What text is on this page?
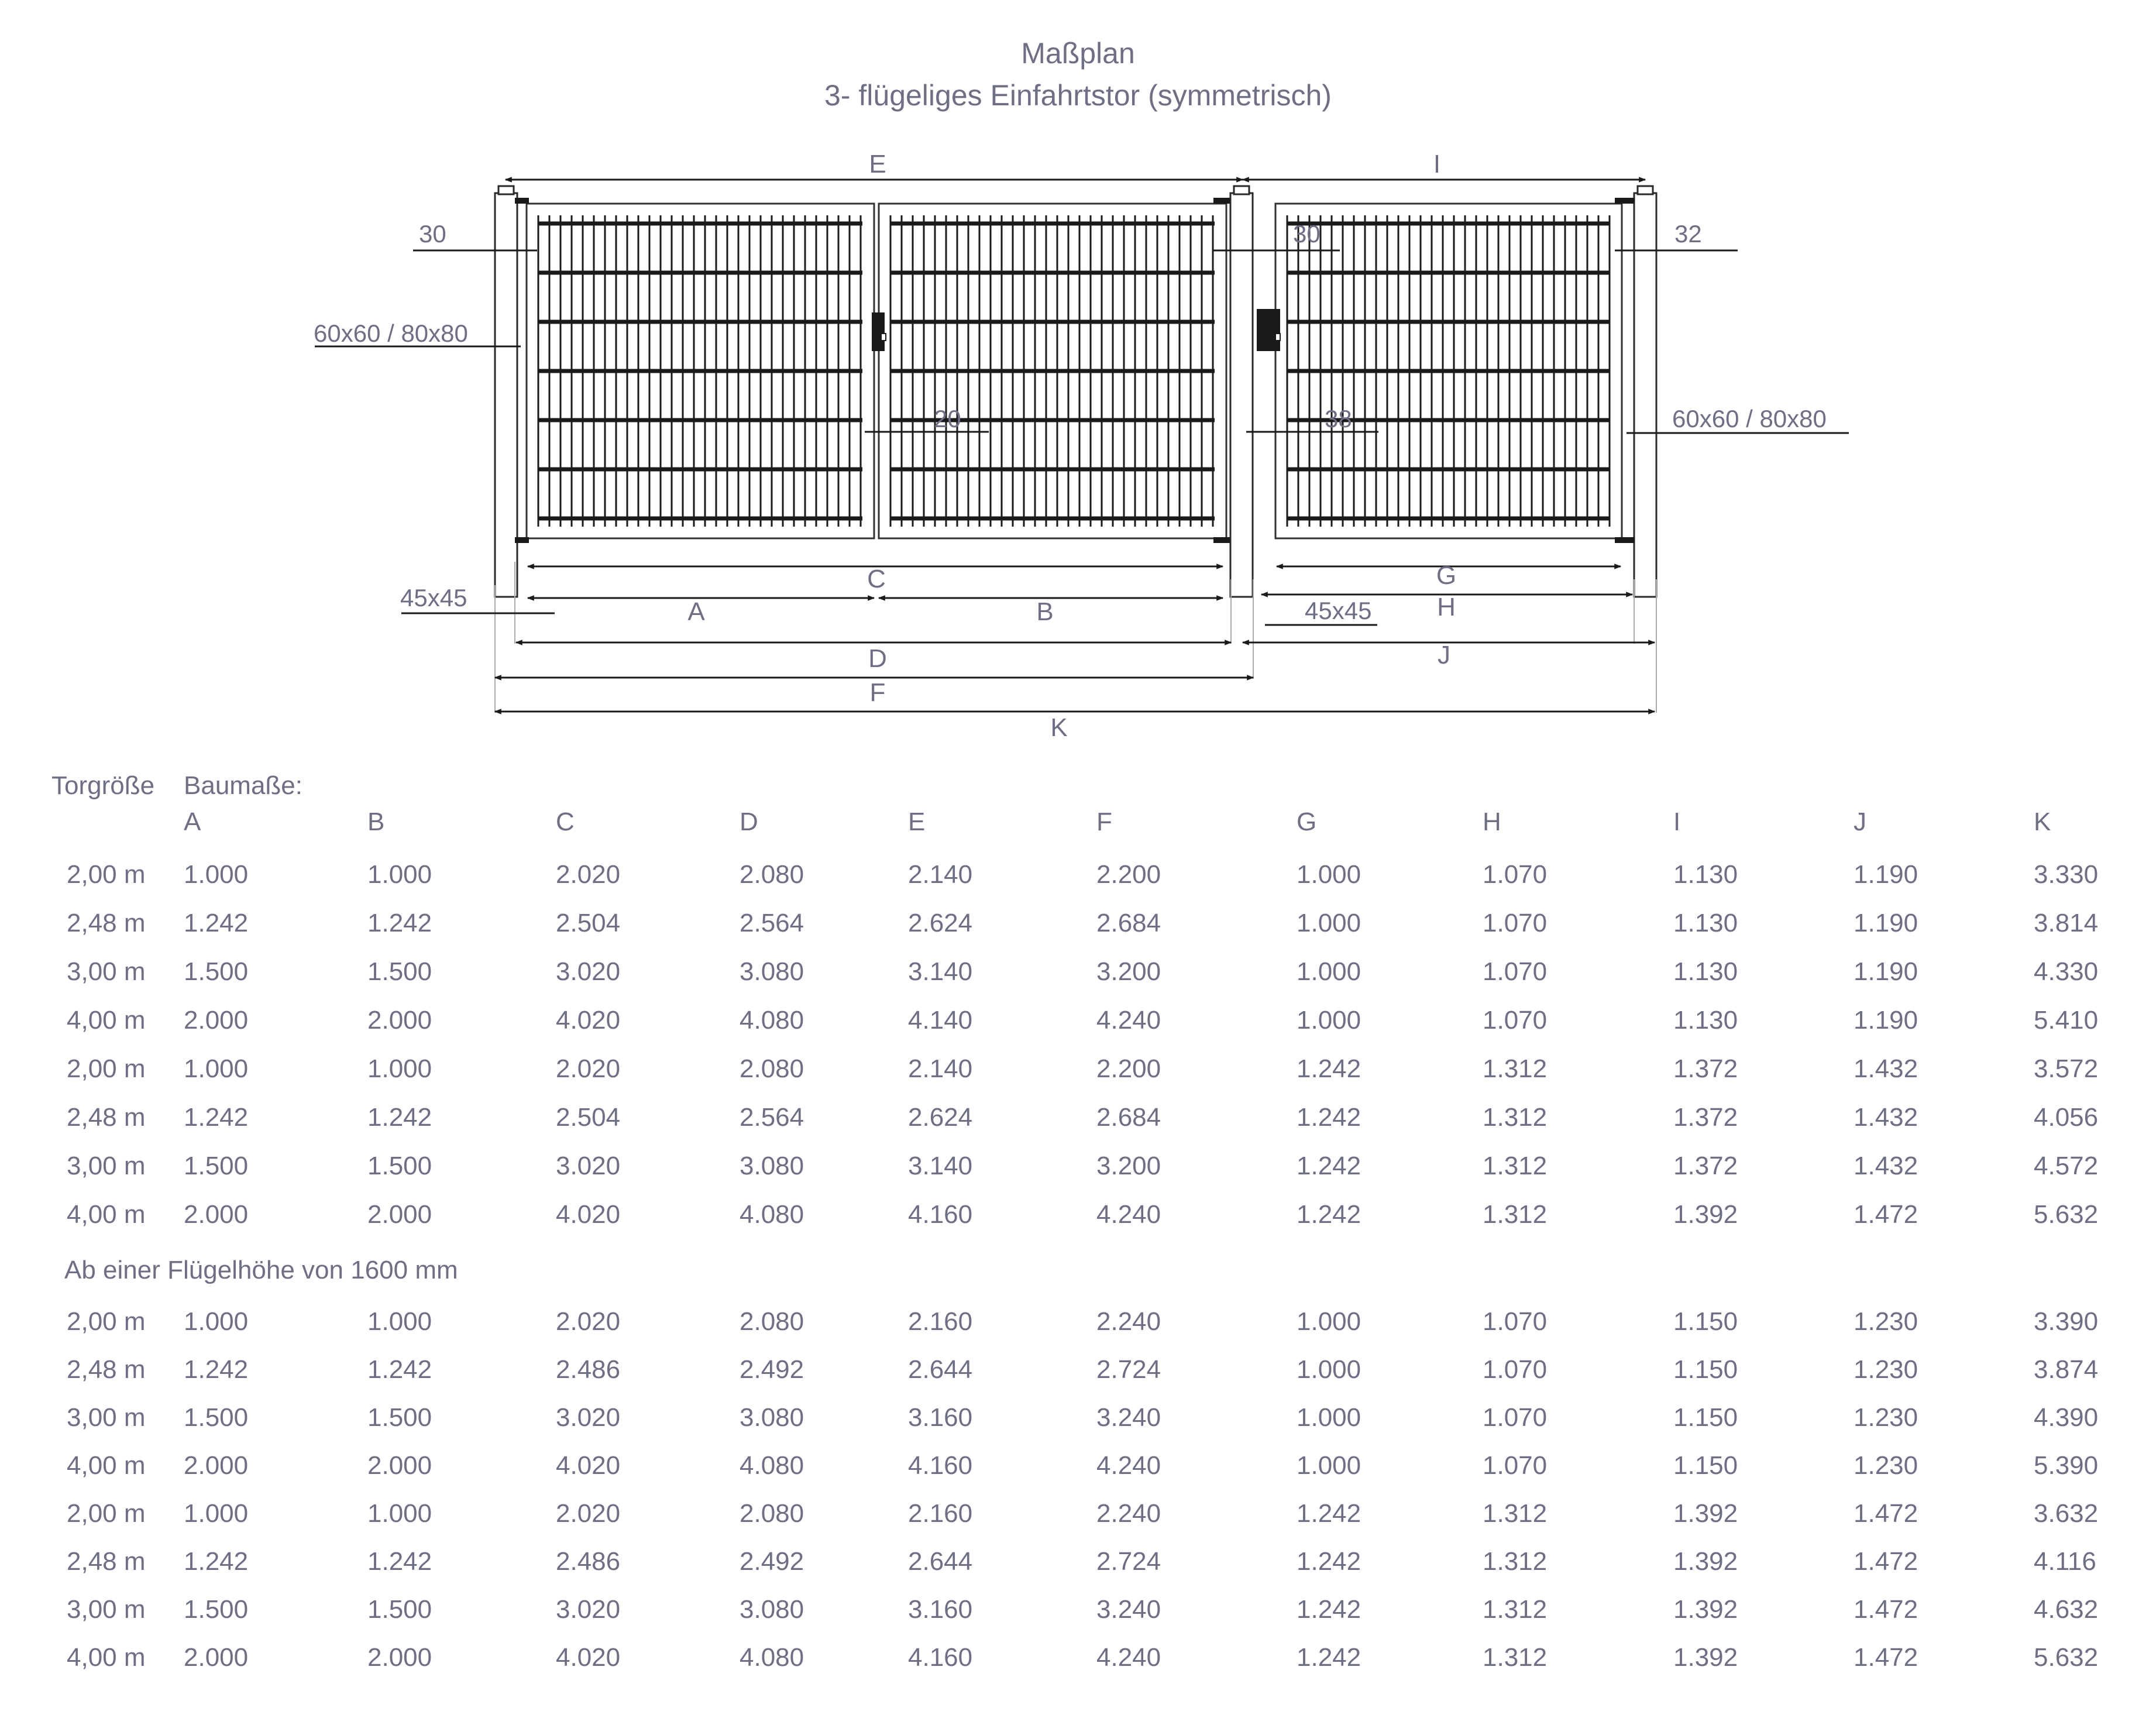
Maßplan
3- flügeliges Einfahrtstor (symmetrisch)
E	I
C	G
A	B	H
D	J
F
K
30	30	32
60x60 / 80x80
60x60 / 80x80
20	38
45x45	45x45
Torgröße Baumaße:
A	B	C	D	E	F	G	H	I	J	K
2,00 m 1.000	1.000	2.020	2.080	2.140	2.200	1.000	1.070	1.130	1.190	3.330
2,48 m 1.242	1.242	2.504	2.564	2.624	2.684	1.000	1.070	1.130	1.190	3.814
3,00 m 1.500	1.500	3.020	3.080	3.140	3.200	1.000	1.070	1.130	1.190	4.330
4,00 m 2.000	2.000	4.020	4.080	4.140	4.240	1.000	1.070	1.130	1.190	5.410
2,00 m 1.000	1.000	2.020	2.080	2.140	2.200	1.242	1.312	1.372	1.432	3.572
2,48 m 1.242	1.242	2.504	2.564	2.624	2.684	1.242	1.312	1.372	1.432	4.056
3,00 m 1.500	1.500	3.020	3.080	3.140	3.200	1.242	1.312	1.372	1.432	4.572
4,00 m 2.000	2.000	4.020	4.080	4.160	4.240	1.242	1.312	1.392	1.472	5.632
Ab einer Flügelhöhe von 1600 mm
2,00 m 1.000	1.000	2.020	2.080	2.160	2.240	1.000	1.070	1.150	1.230	3.390
2,48 m 1.242	1.242	2.486	2.492	2.644	2.724	1.000	1.070	1.150	1.230	3.874
3,00 m 1.500	1.500	3.020	3.080	3.160	3.240	1.000	1.070	1.150	1.230	4.390
4,00 m 2.000	2.000	4.020	4.080	4.160	4.240	1.000	1.070	1.150	1.230	5.390
2,00 m 1.000	1.000	2.020	2.080	2.160	2.240	1.242	1.312	1.392	1.472	3.632
2,48 m 1.242	1.242	2.486	2.492	2.644	2.724	1.242	1.312	1.392	1.472	4.116
3,00 m 1.500	1.500	3.020	3.080	3.160	3.240	1.242	1.312	1.392	1.472	4.632
4,00 m 2.000	2.000	4.020	4.080	4.160	4.240	1.242	1.312	1.392	1.472	5.632
